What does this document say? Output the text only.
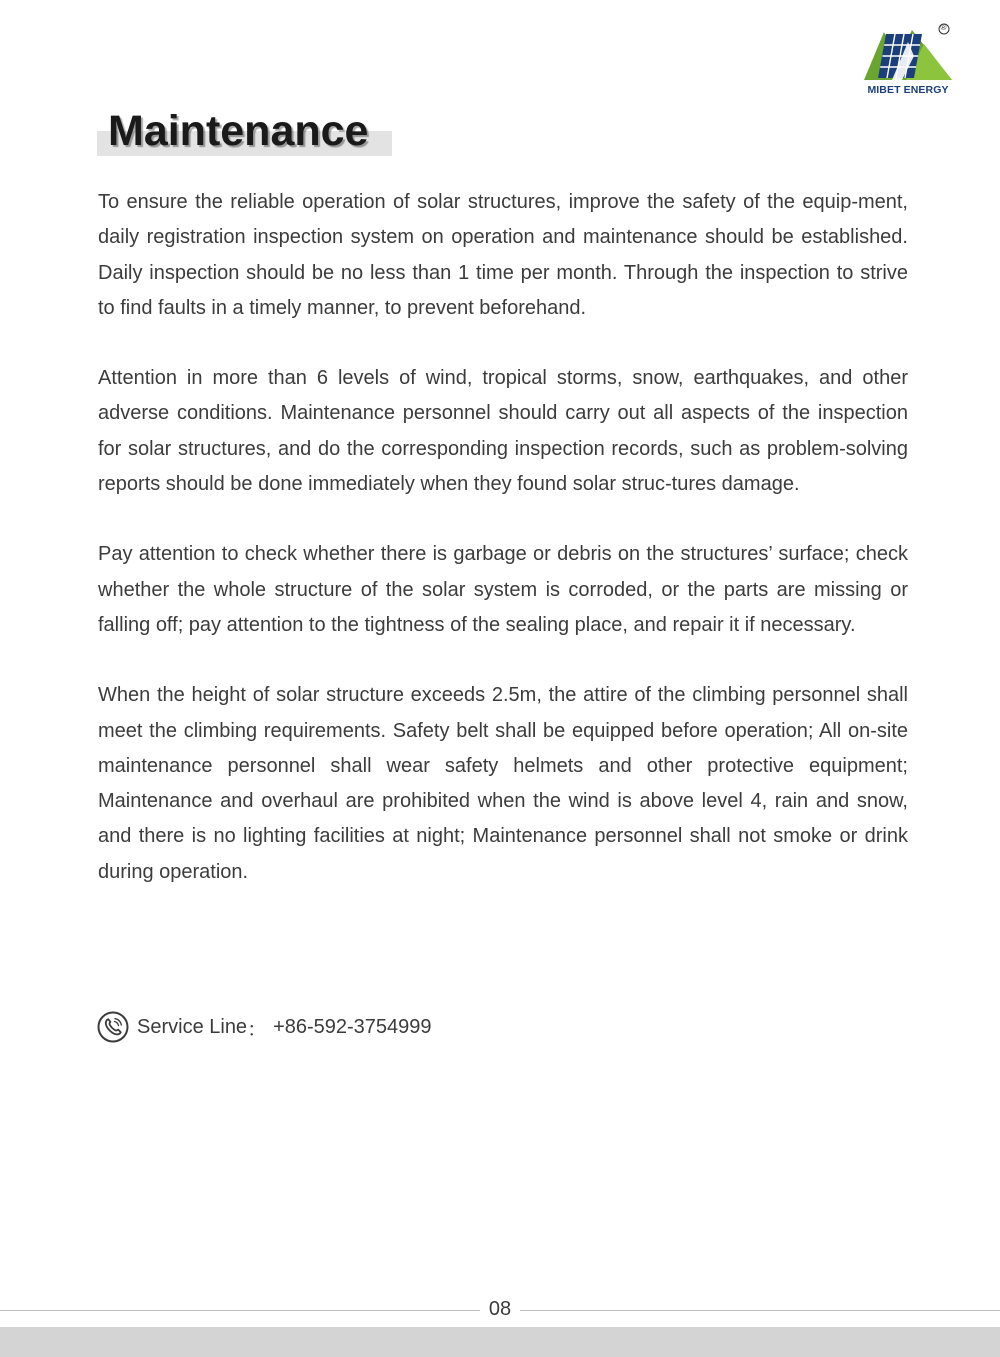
®
MIBET ENERGY
Maintenance

To ensure the reliable operation of solar structures, improve the safety of the equip-ment, daily registration inspection system on operation and maintenance should be established. Daily inspection should be no less than 1 time per month. Through the inspection to strive to find faults in a timely manner, to prevent beforehand.

Attention in more than 6 levels of wind, tropical storms, snow, earthquakes, and other adverse conditions. Maintenance personnel should carry out all aspects of the inspection for solar structures, and do the corresponding inspection records, such as problem-solving reports should be done immediately when they found solar struc-tures damage.

Pay attention to check whether there is garbage or debris on the structures’ surface; check whether the whole structure of the solar system is corroded, or the parts are missing or falling off; pay attention to the tightness of the sealing place, and repair it if necessary.

When the height of solar structure exceeds 2.5m, the attire of the climbing personnel shall meet the climbing requirements. Safety belt shall be equipped before operation; All on-site maintenance personnel shall wear safety helmets and other protective equipment; Maintenance and overhaul are prohibited when the wind is above level 4, rain and snow, and there is no lighting facilities at night; Maintenance personnel shall not smoke or drink during operation.

Service Line ： +86-592-3754999
08
